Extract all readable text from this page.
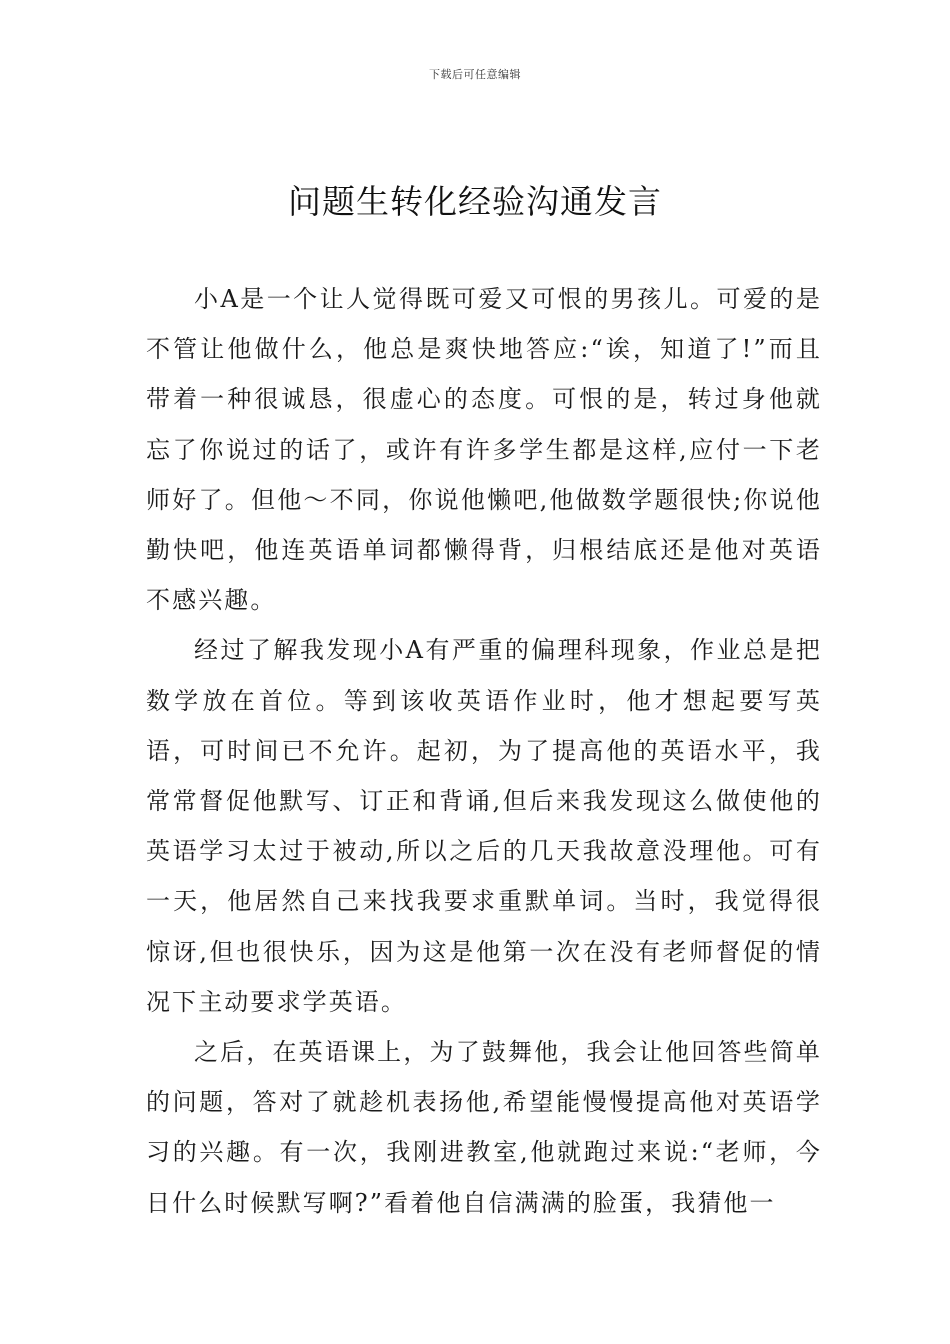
下载后可任意编辑
问题生转化经验沟通发言

小A是一个让人觉得既可爱又可恨的男孩儿。可爱的是不管让他做什么，他总是爽快地答应:“诶，知道了!”而且带着一种很诚恳，很虚心的态度。可恨的是，转过身他就忘了你说过的话了，或许有许多学生都是这样,应付一下老师好了。但他～不同，你说他懒吧,他做数学题很快;你说他勤快吧，他连英语单词都懒得背，归根结底还是他对英语不感兴趣。

经过了解我发现小A有严重的偏理科现象，作业总是把数学放在首位。等到该收英语作业时，他才想起要写英语，可时间已不允许。起初，为了提高他的英语水平，我常常督促他默写、订正和背诵,但后来我发现这么做使他的英语学习太过于被动,所以之后的几天我故意没理他。可有一天，他居然自己来找我要求重默单词。当时，我觉得很惊讶,但也很快乐，因为这是他第一次在没有老师督促的情况下主动要求学英语。

之后，在英语课上，为了鼓舞他，我会让他回答些简单的问题，答对了就趁机表扬他,希望能慢慢提高他对英语学习的兴趣。有一次，我刚进教室,他就跑过来说:“老师，今日什么时候默写啊?”看着他自信满满的脸蛋，我猜他一
